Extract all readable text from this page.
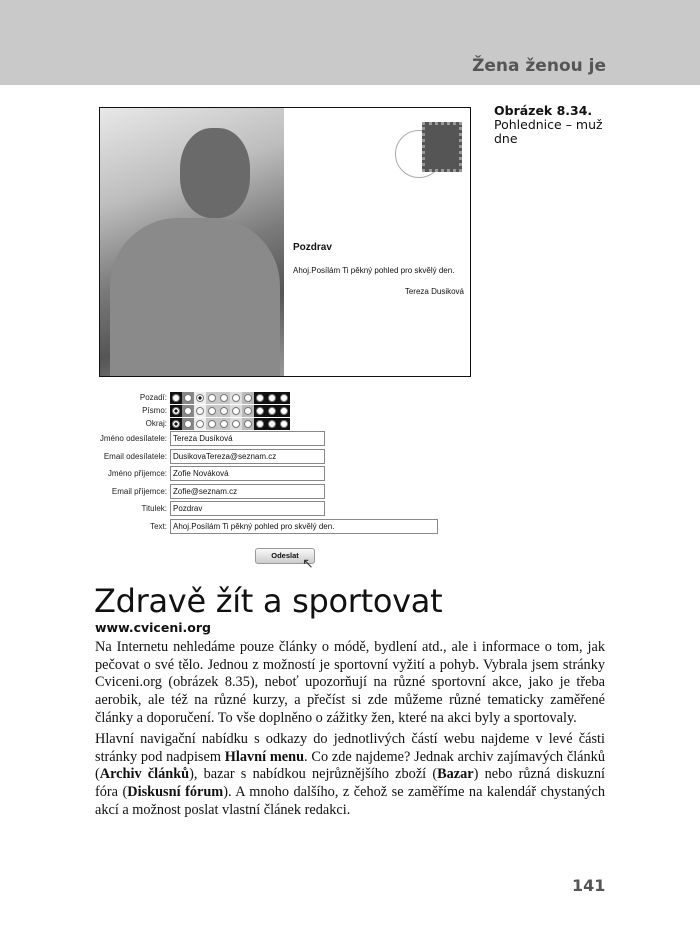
Žena ženou je
Pozdrav
Ahoj.Posílám Ti pěkný pohled pro skvělý den.
Tereza Dusiková
Obrázek 8.34.
Pohlednice – muž dne
Pozadí:
Písmo:
Okraj:
Jméno odesílatele: Tereza Dusíková
Email odesílatele: DusikovaTereza@seznam.cz
Jméno příjemce: Zofie Nováková
Email příjemce: Zofie@seznam.cz
Titulek: Pozdrav
Text: Ahoj.Posílám Ti pěkný pohled pro skvělý den.
Odeslat
↖
Zdravě žít a sportovat
www.cviceni.org
Na Internetu nehledáme pouze články o módě, bydlení atd., ale i informace o tom, jak pečovat o své tělo. Jednou z možností je sportovní vyžití a pohyb. Vybrala jsem stránky Cviceni.org (obrázek 8.35), neboť upozorňují na různé sportovní akce, jako je třeba aerobik, ale též na různé kurzy, a přečíst si zde můžeme různé tematicky zaměřené články a doporučení. To vše doplněno o zážitky žen, které na akci byly a sportovaly.
Hlavní navigační nabídku s odkazy do jednotlivých částí webu najdeme v levé části stránky pod nadpisem Hlavní menu. Co zde najdeme? Jednak archiv zajímavých článků (Archiv článků), bazar s nabídkou nejrůznějšího zboží (Bazar) nebo různá diskuzní fóra (Diskusní fórum). A mnoho dalšího, z čehož se zaměříme na kalendář chystaných akcí a možnost poslat vlastní článek redakci.
141
